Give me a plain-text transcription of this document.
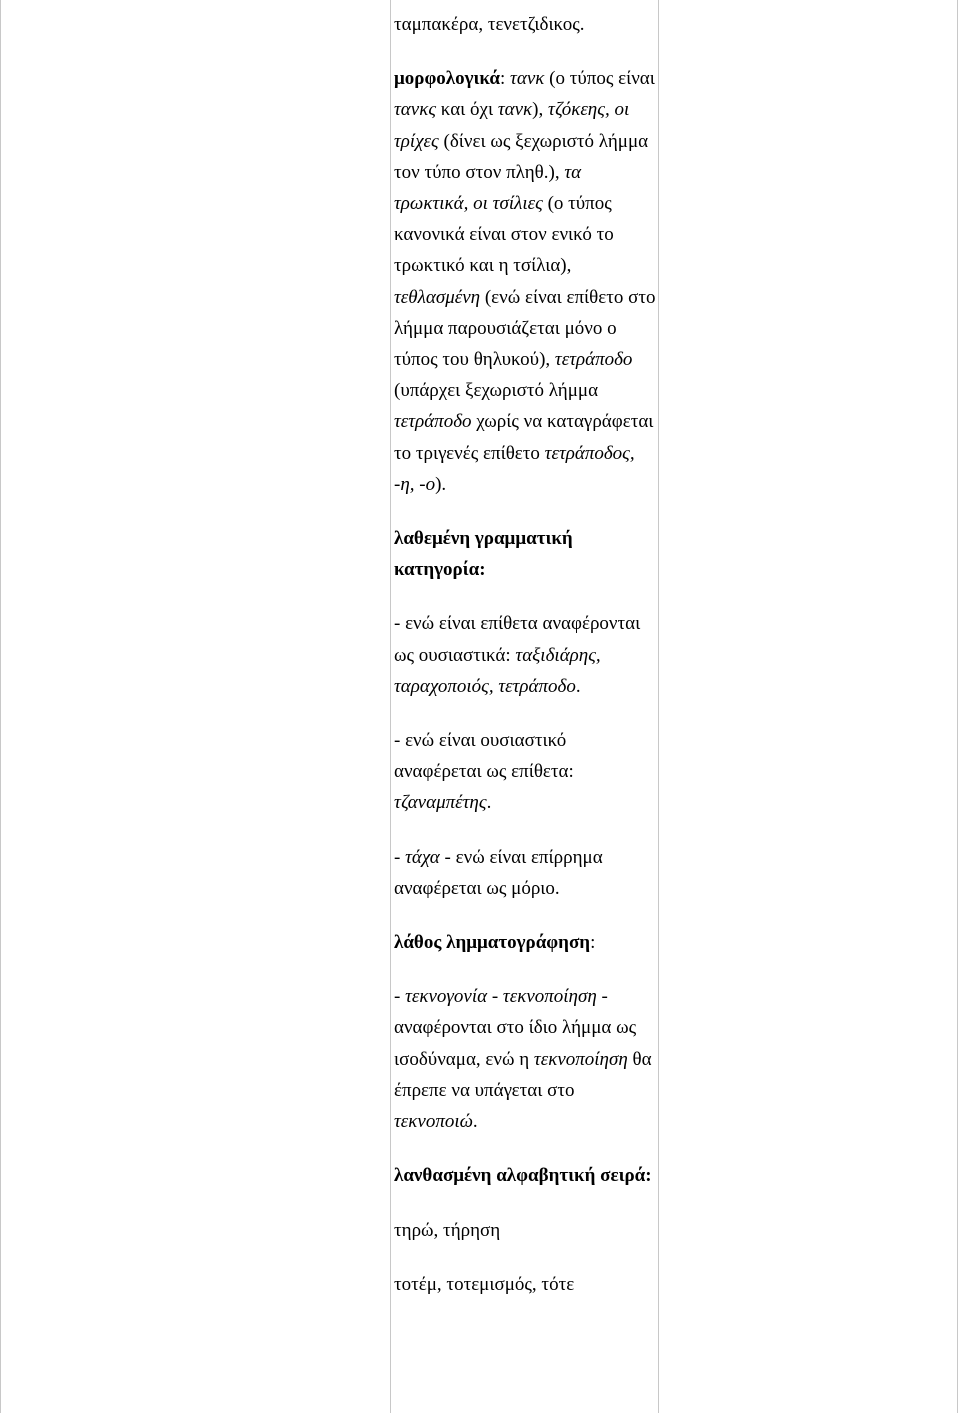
ταμπακέρα, τενετζιδικος.

μορφολογικά: τανκ (ο τύπος είναι τανκς και όχι τανκ), τζόκεης, οι τρίχες (δίνει ως ξεχωριστό λήμμα τον τύπο στον πληθ.), τα τρωκτικά, οι τσίλιες (ο τύπος κανονικά είναι στον ενικό το τρωκτικό και η τσίλια), τεθλασμένη (ενώ είναι επίθετο στο λήμμα παρουσιάζεται μόνο ο τύπος του θηλυκού), τετράποδο (υπάρχει ξεχωριστό λήμμα τετράποδο χωρίς να καταγράφεται το τριγενές επίθετο τετράποδος, -η, -ο).

λαθεμένη γραμματική κατηγορία:

- ενώ είναι επίθετα αναφέρονται ως ουσιαστικά: ταξιδιάρης, ταραχοποιός, τετράποδο.

- ενώ είναι ουσιαστικό αναφέρεται ως επίθετα: τζαναμπέτης.

- τάχα - ενώ είναι επίρρημα αναφέρεται ως μόριο.

λάθος λημματογράφηση:

- τεκνογονία - τεκνοποίηση - αναφέρονται στο ίδιο λήμμα ως ισοδύναμα, ενώ η τεκνοποίηση θα έπρεπε να υπάγεται στο τεκνοποιώ.

λανθασμένη αλφαβητική σειρά:

τηρώ, τήρηση

τοτέμ, τοτεμισμός, τότε
